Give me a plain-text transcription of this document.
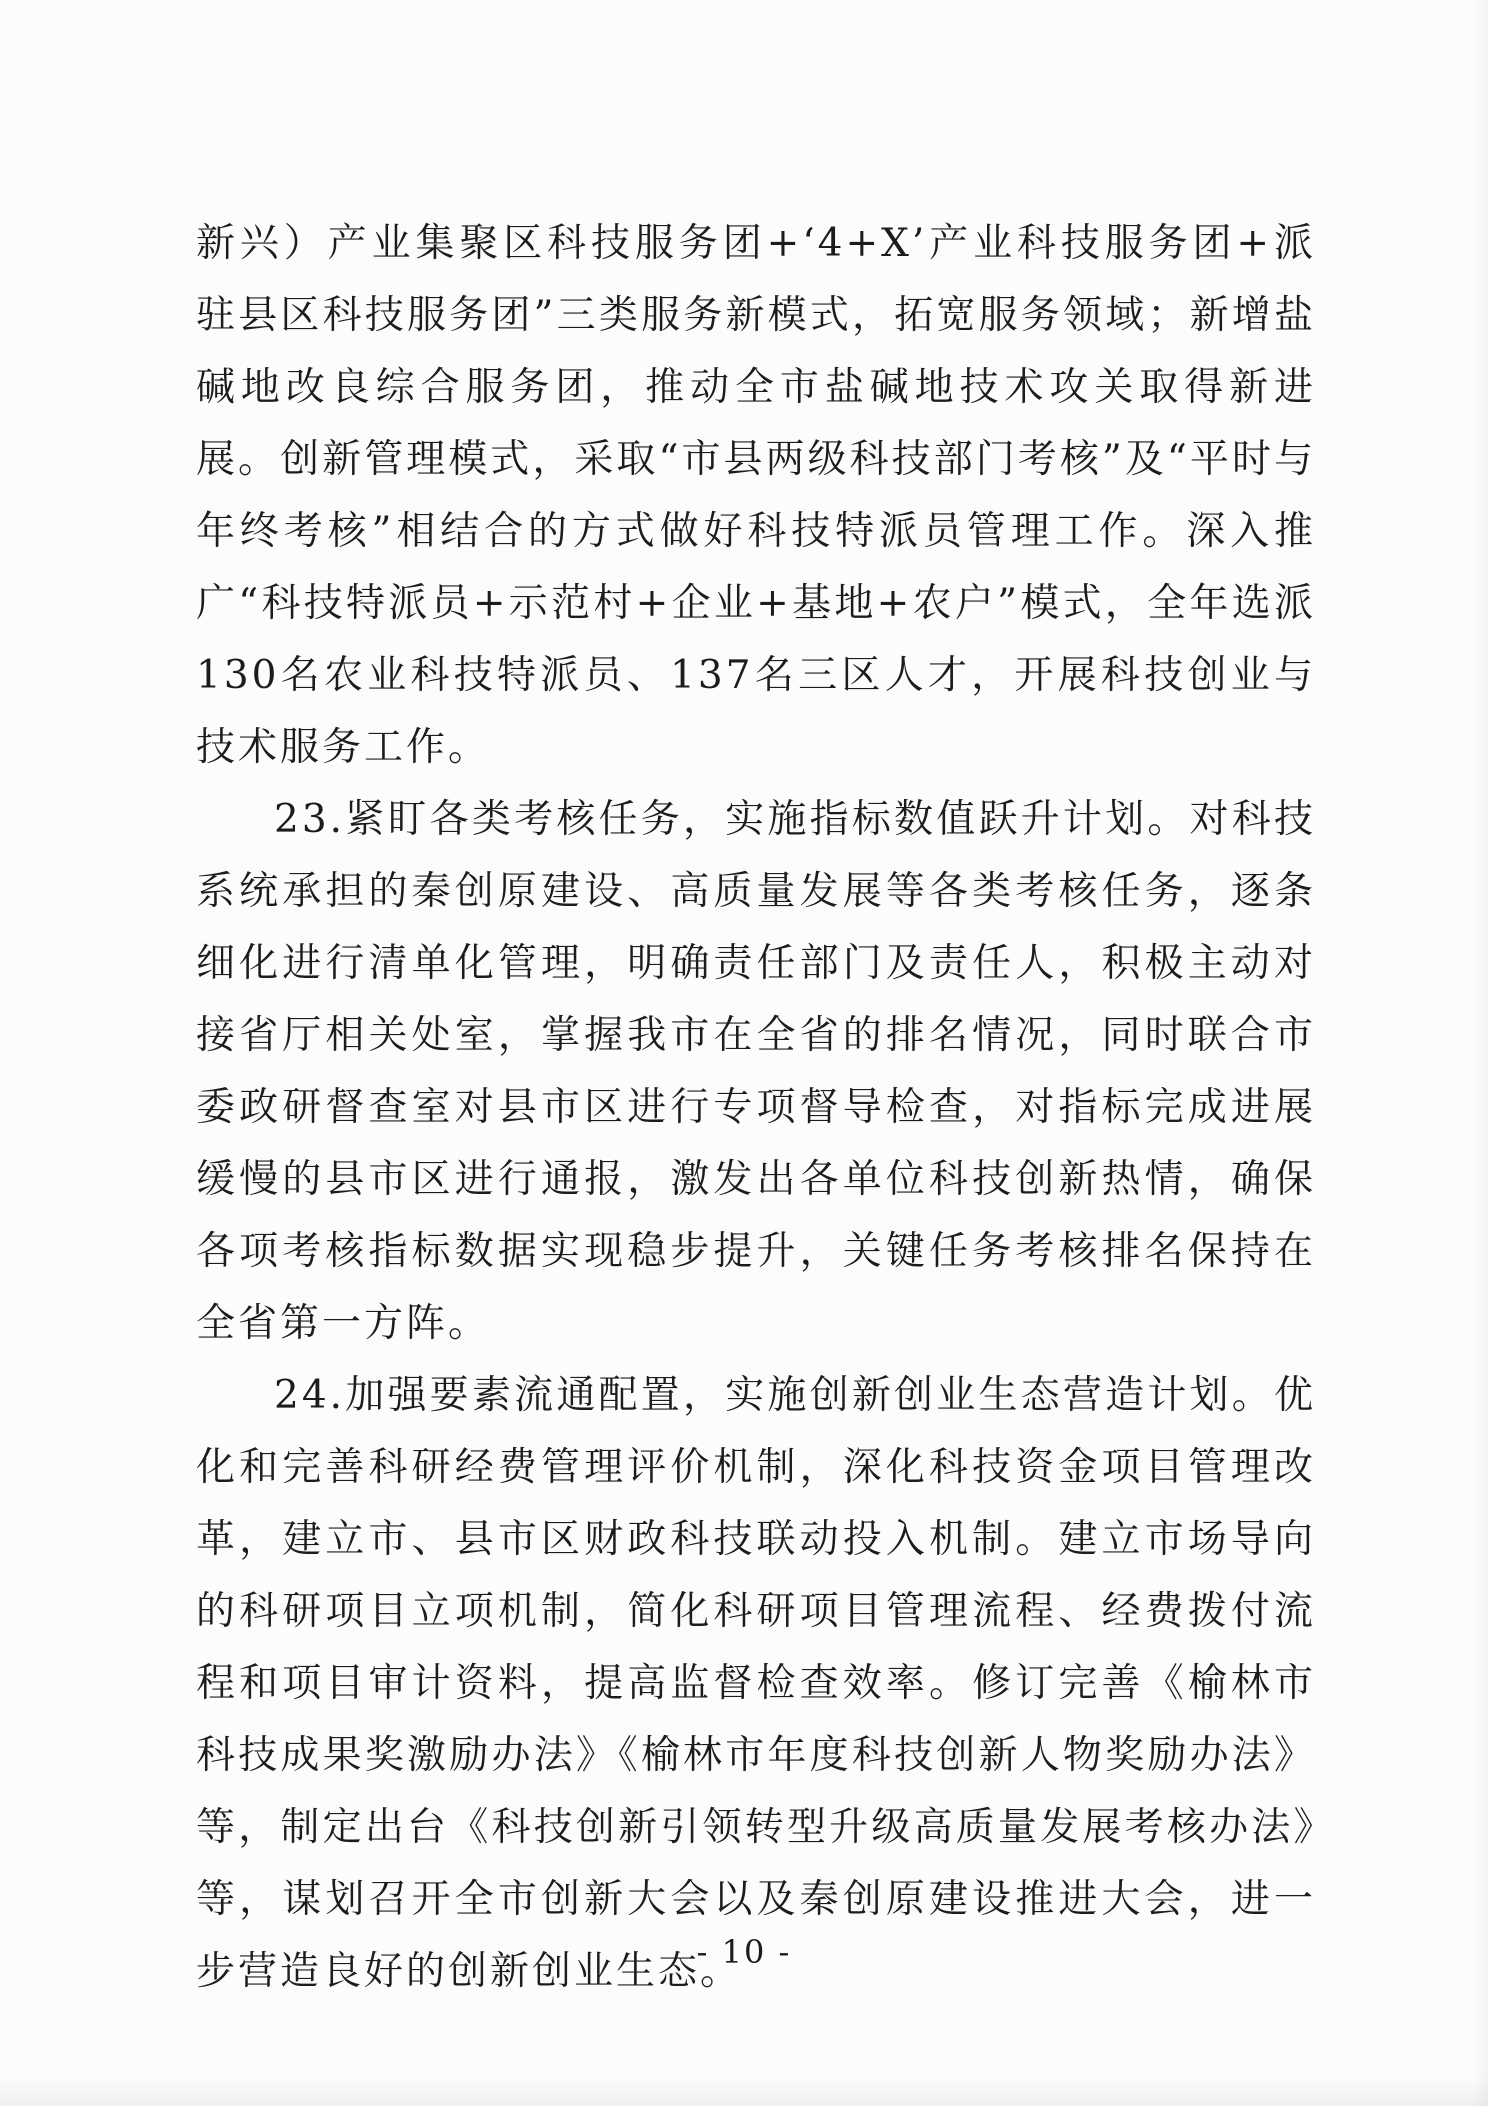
新兴）产业集聚区科技服务团+‘4+X’产业科技服务团+派驻县区科技服务团”三类服务新模式，拓宽服务领域；新增盐碱地改良综合服务团，推动全市盐碱地技术攻关取得新进展。创新管理模式，采取“市县两级科技部门考核”及“平时与年终考核”相结合的方式做好科技特派员管理工作。深入推广“科技特派员+示范村+企业+基地+农户”模式，全年选派130名农业科技特派员、137名三区人才，开展科技创业与技术服务工作。

23.紧盯各类考核任务，实施指标数值跃升计划。对科技系统承担的秦创原建设、高质量发展等各类考核任务，逐条细化进行清单化管理，明确责任部门及责任人，积极主动对接省厅相关处室，掌握我市在全省的排名情况，同时联合市委政研督查室对县市区进行专项督导检查，对指标完成进展缓慢的县市区进行通报，激发出各单位科技创新热情，确保各项考核指标数据实现稳步提升，关键任务考核排名保持在全省第一方阵。

24.加强要素流通配置，实施创新创业生态营造计划。优化和完善科研经费管理评价机制，深化科技资金项目管理改革，建立市、县市区财政科技联动投入机制。建立市场导向的科研项目立项机制，简化科研项目管理流程、经费拨付流程和项目审计资料，提高监督检查效率。修订完善《榆林市科技成果奖激励办法》《榆林市年度科技创新人物奖励办法》等，制定出台《科技创新引领转型升级高质量发展考核办法》等，谋划召开全市创新大会以及秦创原建设推进大会，进一步营造良好的创新创业生态。

- 10 -
